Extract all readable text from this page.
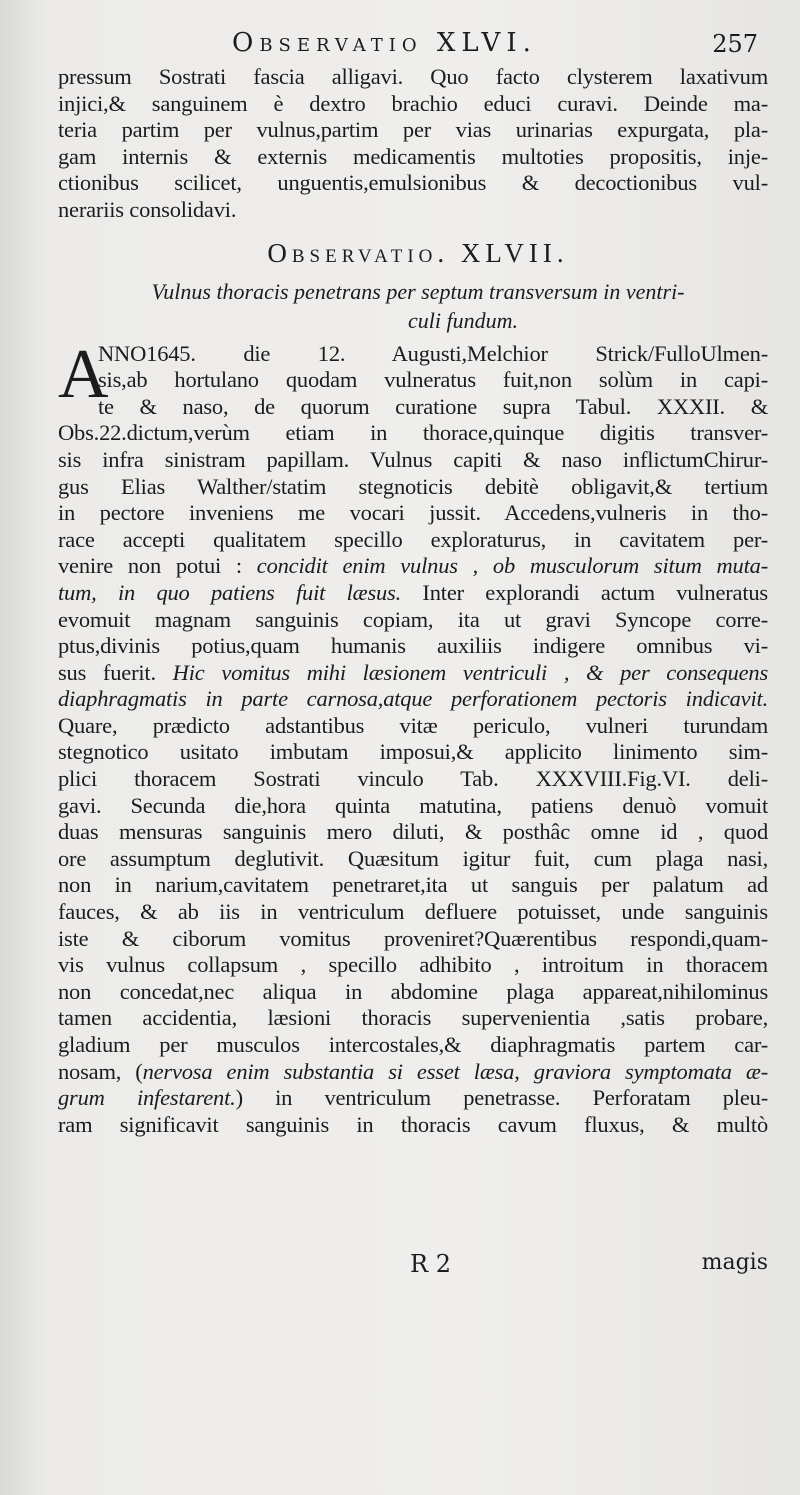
Observatio XLVI.	257
pressum Sostrati fascia alligavi. Quo facto clysterem laxativum
injici,& sanguinem è dextro brachio educi curavi. Deinde ma-
teria partim per vulnus,partim per vias urinarias expurgata, pla-
gam internis & externis medicamentis multoties propositis, inje-
ctionibus scilicet, unguentis,emulsionibus & decoctionibus vul-
nerariis consolidavi.
Observatio. XLVII.
Vulnus thoracis penetrans per septum transversum in ventri-
culi fundum.
A
NNO1645. die 12. Augusti,Melchior Strick/FulloUlmen-
sis,ab hortulano quodam vulneratus fuit,non solùm in capi-
te & naso, de quorum curatione supra Tabul. XXXII. &
Obs.22.dictum,verùm etiam in thorace,quinque digitis transver-
sis infra sinistram papillam. Vulnus capiti & naso inflictumChirur-
gus Elias Walther/statim stegnoticis debitè obligavit,& tertium
in pectore inveniens me vocari jussit. Accedens,vulneris in tho-
race accepti qualitatem specillo exploraturus, in cavitatem per-
venire non potui : concidit enim vulnus , ob musculorum situm muta-
tum, in quo patiens fuit læsus. Inter explorandi actum vulneratus
evomuit magnam sanguinis copiam, ita ut gravi Syncope corre-
ptus,divinis potius,quam humanis auxiliis indigere omnibus vi-
sus fuerit. Hic vomitus mihi læsionem ventriculi , & per consequens
diaphragmatis in parte carnosa,atque perforationem pectoris indicavit.
Quare, prædicto adstantibus vitæ periculo, vulneri turundam
stegnotico usitato imbutam imposui,& applicito linimento sim-
plici thoracem Sostrati vinculo Tab. XXXVIII.Fig.VI. deli-
gavi. Secunda die,hora quinta matutina, patiens denuò vomuit
duas mensuras sanguinis mero diluti, & posthâc omne id , quod
ore assumptum deglutivit. Quæsitum igitur fuit, cum plaga nasi,
non in narium,cavitatem penetraret,ita ut sanguis per palatum ad
fauces, & ab iis in ventriculum defluere potuisset, unde sanguinis
iste & ciborum vomitus proveniret?Quærentibus respondi,quam-
vis vulnus collapsum , specillo adhibito , introitum in thoracem
non concedat,nec aliqua in abdomine plaga appareat,nihilominus
tamen accidentia, læsioni thoracis supervenientia ,satis probare,
gladium per musculos intercostales,& diaphragmatis partem car-
nosam, (nervosa enim substantia si esset læsa, graviora symptomata æ-
grum infestarent.) in ventriculum penetrasse. Perforatam pleu-
ram significavit sanguinis in thoracis cavum fluxus, & multò
R 2	magis
